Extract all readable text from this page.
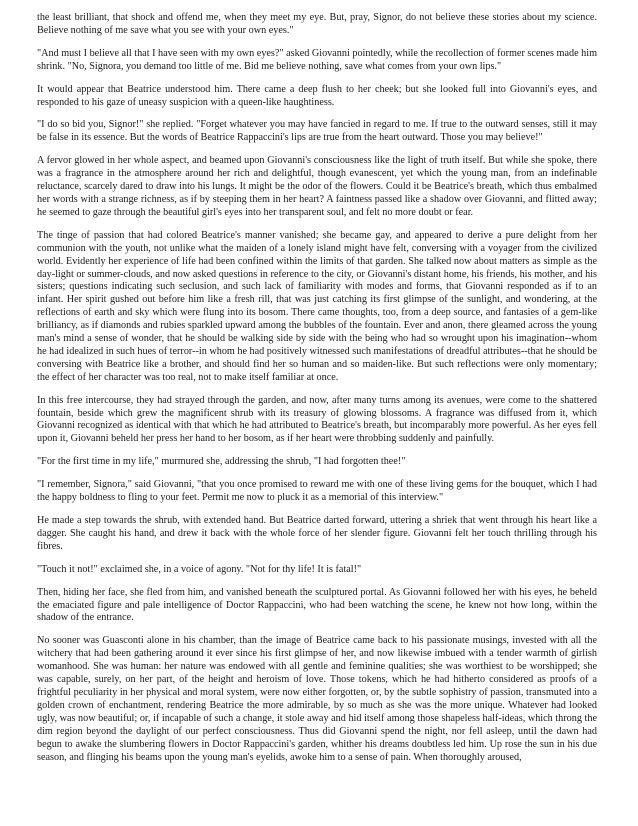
the least brilliant, that shock and offend me, when they meet my eye. But, pray, Signor, do not believe these stories about my science. Believe nothing of me save what you see with your own eyes."

"And must I believe all that I have seen with my own eyes?" asked Giovanni pointedly, while the recollection of former scenes made him shrink. "No, Signora, you demand too little of me. Bid me believe nothing, save what comes from your own lips."

It would appear that Beatrice understood him. There came a deep flush to her cheek; but she looked full into Giovanni's eyes, and responded to his gaze of uneasy suspicion with a queen-like haughtiness.

"I do so bid you, Signor!" she replied. "Forget whatever you may have fancied in regard to me. If true to the outward senses, still it may be false in its essence. But the words of Beatrice Rappaccini's lips are true from the heart outward. Those you may believe!"

A fervor glowed in her whole aspect, and beamed upon Giovanni's consciousness like the light of truth itself. But while she spoke, there was a fragrance in the atmosphere around her rich and delightful, though evanescent, yet which the young man, from an indefinable reluctance, scarcely dared to draw into his lungs. It might be the odor of the flowers. Could it be Beatrice's breath, which thus embalmed her words with a strange richness, as if by steeping them in her heart? A faintness passed like a shadow over Giovanni, and flitted away; he seemed to gaze through the beautiful girl's eyes into her transparent soul, and felt no more doubt or fear.

The tinge of passion that had colored Beatrice's manner vanished; she became gay, and appeared to derive a pure delight from her communion with the youth, not unlike what the maiden of a lonely island might have felt, conversing with a voyager from the civilized world. Evidently her experience of life had been confined within the limits of that garden. She talked now about matters as simple as the day-light or summer-clouds, and now asked questions in reference to the city, or Giovanni's distant home, his friends, his mother, and his sisters; questions indicating such seclusion, and such lack of familiarity with modes and forms, that Giovanni responded as if to an infant. Her spirit gushed out before him like a fresh rill, that was just catching its first glimpse of the sunlight, and wondering, at the reflections of earth and sky which were flung into its bosom. There came thoughts, too, from a deep source, and fantasies of a gem-like brilliancy, as if diamonds and rubies sparkled upward among the bubbles of the fountain. Ever and anon, there gleamed across the young man's mind a sense of wonder, that he should be walking side by side with the being who had so wrought upon his imagination--whom he had idealized in such hues of terror--in whom he had positively witnessed such manifestations of dreadful attributes--that he should be conversing with Beatrice like a brother, and should find her so human and so maiden-like. But such reflections were only momentary; the effect of her character was too real, not to make itself familiar at once.

In this free intercourse, they had strayed through the garden, and now, after many turns among its avenues, were come to the shattered fountain, beside which grew the magnificent shrub with its treasury of glowing blossoms. A fragrance was diffused from it, which Giovanni recognized as identical with that which he had attributed to Beatrice's breath, but incomparably more powerful. As her eyes fell upon it, Giovanni beheld her press her hand to her bosom, as if her heart were throbbing suddenly and painfully.

"For the first time in my life," murmured she, addressing the shrub, "I had forgotten thee!"

"I remember, Signora," said Giovanni, "that you once promised to reward me with one of these living gems for the bouquet, which I had the happy boldness to fling to your feet. Permit me now to pluck it as a memorial of this interview."

He made a step towards the shrub, with extended hand. But Beatrice darted forward, uttering a shriek that went through his heart like a dagger. She caught his hand, and drew it back with the whole force of her slender figure. Giovanni felt her touch thrilling through his fibres.

"Touch it not!" exclaimed she, in a voice of agony. "Not for thy life! It is fatal!"

Then, hiding her face, she fled from him, and vanished beneath the sculptured portal. As Giovanni followed her with his eyes, he beheld the emaciated figure and pale intelligence of Doctor Rappaccini, who had been watching the scene, he knew not how long, within the shadow of the entrance.

No sooner was Guasconti alone in his chamber, than the image of Beatrice came back to his passionate musings, invested with all the witchery that had been gathering around it ever since his first glimpse of her, and now likewise imbued with a tender warmth of girlish womanhood. She was human: her nature was endowed with all gentle and feminine qualities; she was worthiest to be worshipped; she was capable, surely, on her part, of the height and heroism of love. Those tokens, which he had hitherto considered as proofs of a frightful peculiarity in her physical and moral system, were now either forgotten, or, by the subtle sophistry of passion, transmuted into a golden crown of enchantment, rendering Beatrice the more admirable, by so much as she was the more unique. Whatever had looked ugly, was now beautiful; or, if incapable of such a change, it stole away and hid itself among those shapeless half-ideas, which throng the dim region beyond the daylight of our perfect consciousness. Thus did Giovanni spend the night, nor fell asleep, until the dawn had begun to awake the slumbering flowers in Doctor Rappaccini's garden, whither his dreams doubtless led him. Up rose the sun in his due season, and flinging his beams upon the young man's eyelids, awoke him to a sense of pain. When thoroughly aroused,
